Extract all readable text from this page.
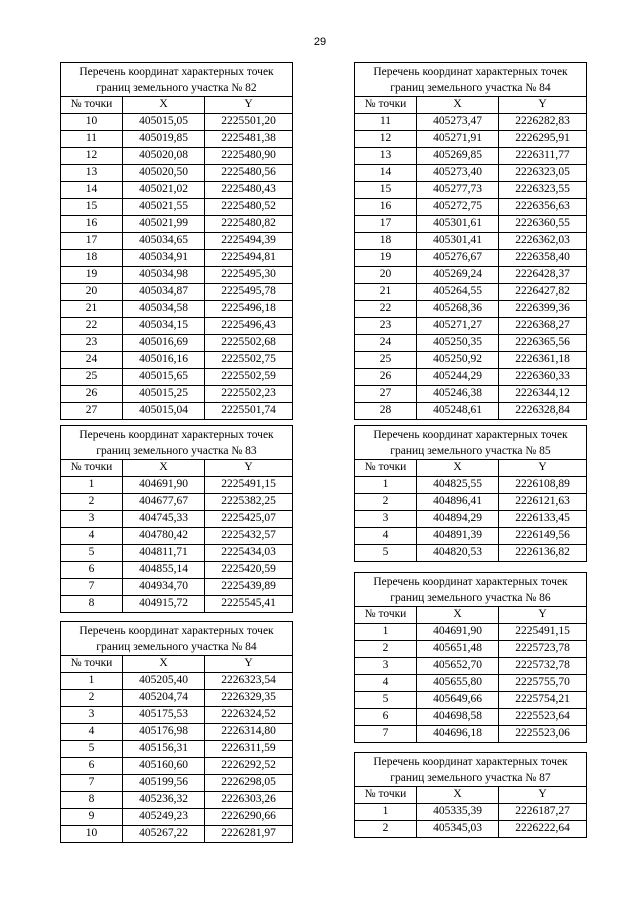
29
Перечень координат характерных точек
границ земельного участка № 82		

№ точки	X	Y
10	405015,05	2225501,20
11	405019,85	2225481,38
12	405020,08	2225480,90
13	405020,50	2225480,56
14	405021,02	2225480,43
15	405021,55	2225480,52
16	405021,99	2225480,82
17	405034,65	2225494,39
18	405034,91	2225494,81
19	405034,98	2225495,30
20	405034,87	2225495,78
21	405034,58	2225496,18
22	405034,15	2225496,43
23	405016,69	2225502,68
24	405016,16	2225502,75
25	405015,65	2225502,59
26	405015,25	2225502,23
27	405015,04	2225501,74
Перечень координат характерных точек
границ земельного участка № 83		

№ точки	X	Y
1	404691,90	2225491,15
2	404677,67	2225382,25
3	404745,33	2225425,07
4	404780,42	2225432,57
5	404811,71	2225434,03
6	404855,14	2225420,59
7	404934,70	2225439,89
8	404915,72	2225545,41
Перечень координат характерных точек
границ земельного участка № 84		

№ точки	X	Y
1	405205,40	2226323,54
2	405204,74	2226329,35
3	405175,53	2226324,52
4	405176,98	2226314,80
5	405156,31	2226311,59
6	405160,60	2226292,52
7	405199,56	2226298,05
8	405236,32	2226303,26
9	405249,23	2226290,66
10	405267,22	2226281,97
Перечень координат характерных точек
границ земельного участка № 84		

№ точки	X	Y
11	405273,47	2226282,83
12	405271,91	2226295,91
13	405269,85	2226311,77
14	405273,40	2226323,05
15	405277,73	2226323,55
16	405272,75	2226356,63
17	405301,61	2226360,55
18	405301,41	2226362,03
19	405276,67	2226358,40
20	405269,24	2226428,37
21	405264,55	2226427,82
22	405268,36	2226399,36
23	405271,27	2226368,27
24	405250,35	2226365,56
25	405250,92	2226361,18
26	405244,29	2226360,33
27	405246,38	2226344,12
28	405248,61	2226328,84
Перечень координат характерных точек
границ земельного участка № 85		

№ точки	X	Y
1	404825,55	2226108,89
2	404896,41	2226121,63
3	404894,29	2226133,45
4	404891,39	2226149,56
5	404820,53	2226136,82
Перечень координат характерных точек
границ земельного участка № 86		

№ точки	X	Y
1	404691,90	2225491,15
2	405651,48	2225723,78
3	405652,70	2225732,78
4	405655,80	2225755,70
5	405649,66	2225754,21
6	404698,58	2225523,64
7	404696,18	2225523,06
Перечень координат характерных точек
границ земельного участка № 87		

№ точки	X	Y
1	405335,39	2226187,27
2	405345,03	2226222,64
